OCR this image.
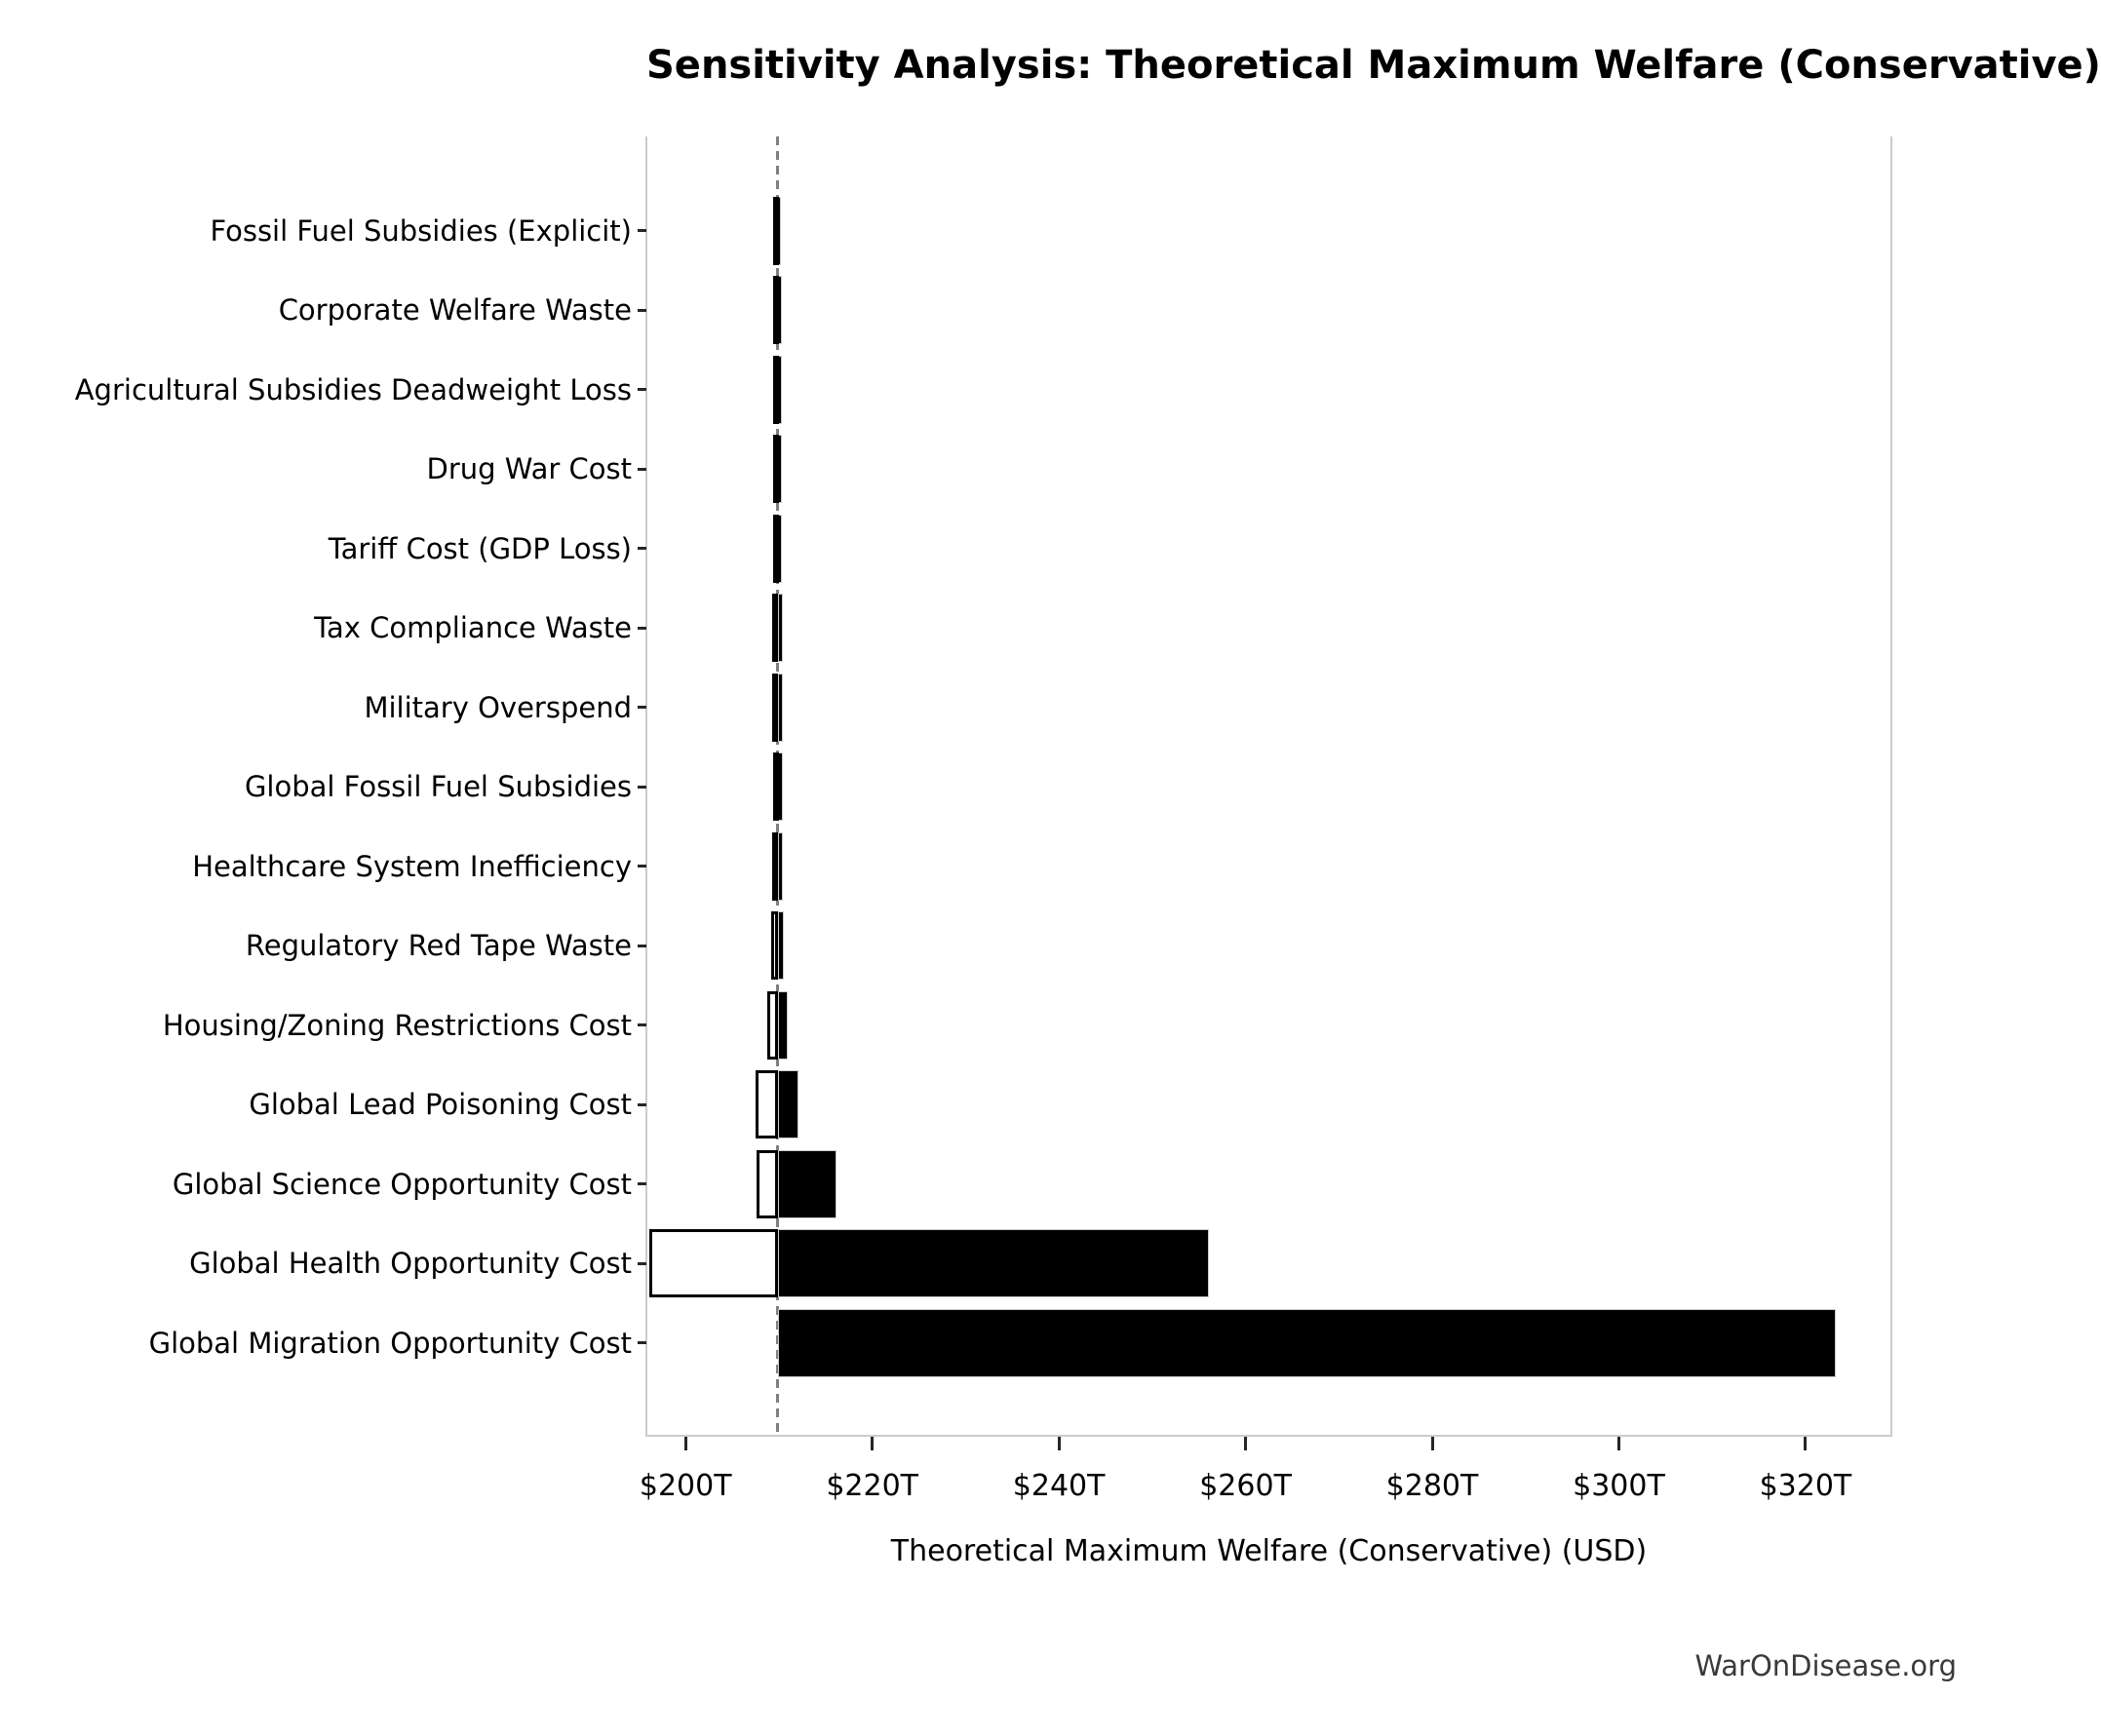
Sensitivity Analysis: Theoretical Maximum Welfare (Conservative)
Theoretical Maximum Welfare (Conservative) (USD)
WarOnDisease.org
Fossil Fuel Subsidies (Explicit)
Corporate Welfare Waste
Agricultural Subsidies Deadweight Loss
Drug War Cost
Tariff Cost (GDP Loss)
Tax Compliance Waste
Military Overspend
Global Fossil Fuel Subsidies
Healthcare System Inefficiency
Regulatory Red Tape Waste
Housing/Zoning Restrictions Cost
Global Lead Poisoning Cost
Global Science Opportunity Cost
Global Health Opportunity Cost
Global Migration Opportunity Cost
$200T	$220T	$240T	$260T	$280T	$300T	$320T
